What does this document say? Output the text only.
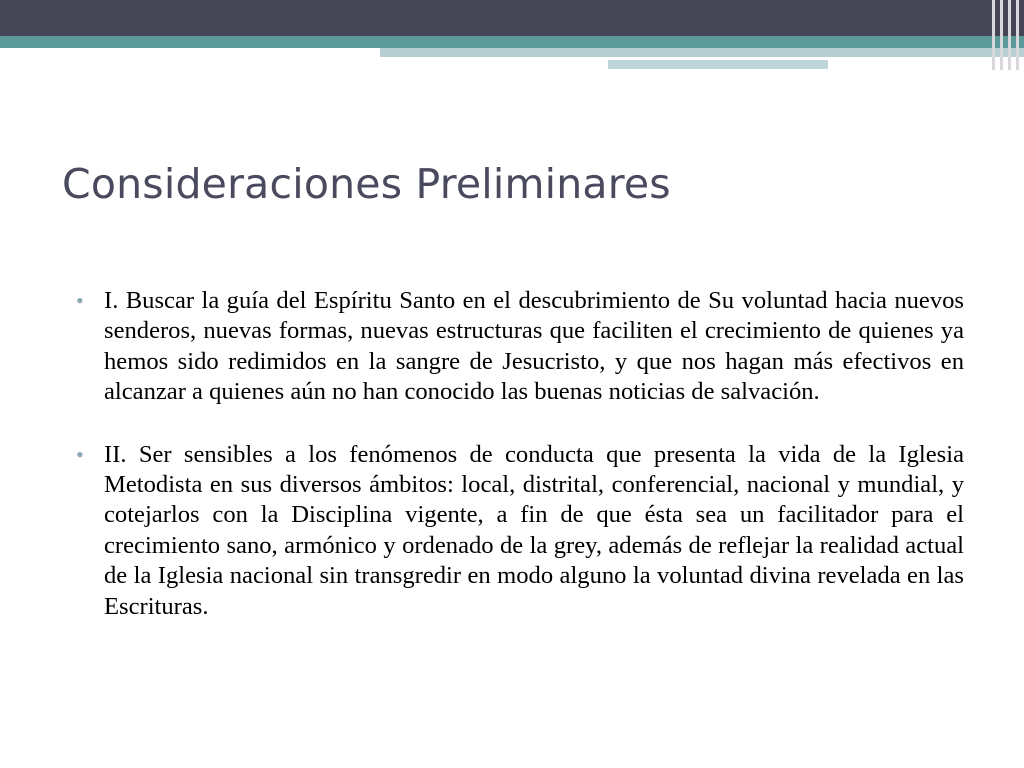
Consideraciones Preliminares
• I. Buscar la guía del Espíritu Santo en el descubrimiento de Su voluntad hacia nuevos senderos, nuevas formas, nuevas estructuras que faciliten el crecimiento de quienes ya hemos sido redimidos en la sangre de Jesucristo, y que nos hagan más efectivos en alcanzar a quienes aún no han conocido las buenas noticias de salvación.
• II. Ser sensibles a los fenómenos de conducta que presenta la vida de la Iglesia Metodista en sus diversos ámbitos: local, distrital, conferencial, nacional y mundial, y cotejarlos con la Disciplina vigente, a fin de que ésta sea un facilitador para el crecimiento sano, armónico y ordenado de la grey, además de reflejar la realidad actual de la Iglesia nacional sin transgredir en modo alguno la voluntad divina revelada en las Escrituras.
